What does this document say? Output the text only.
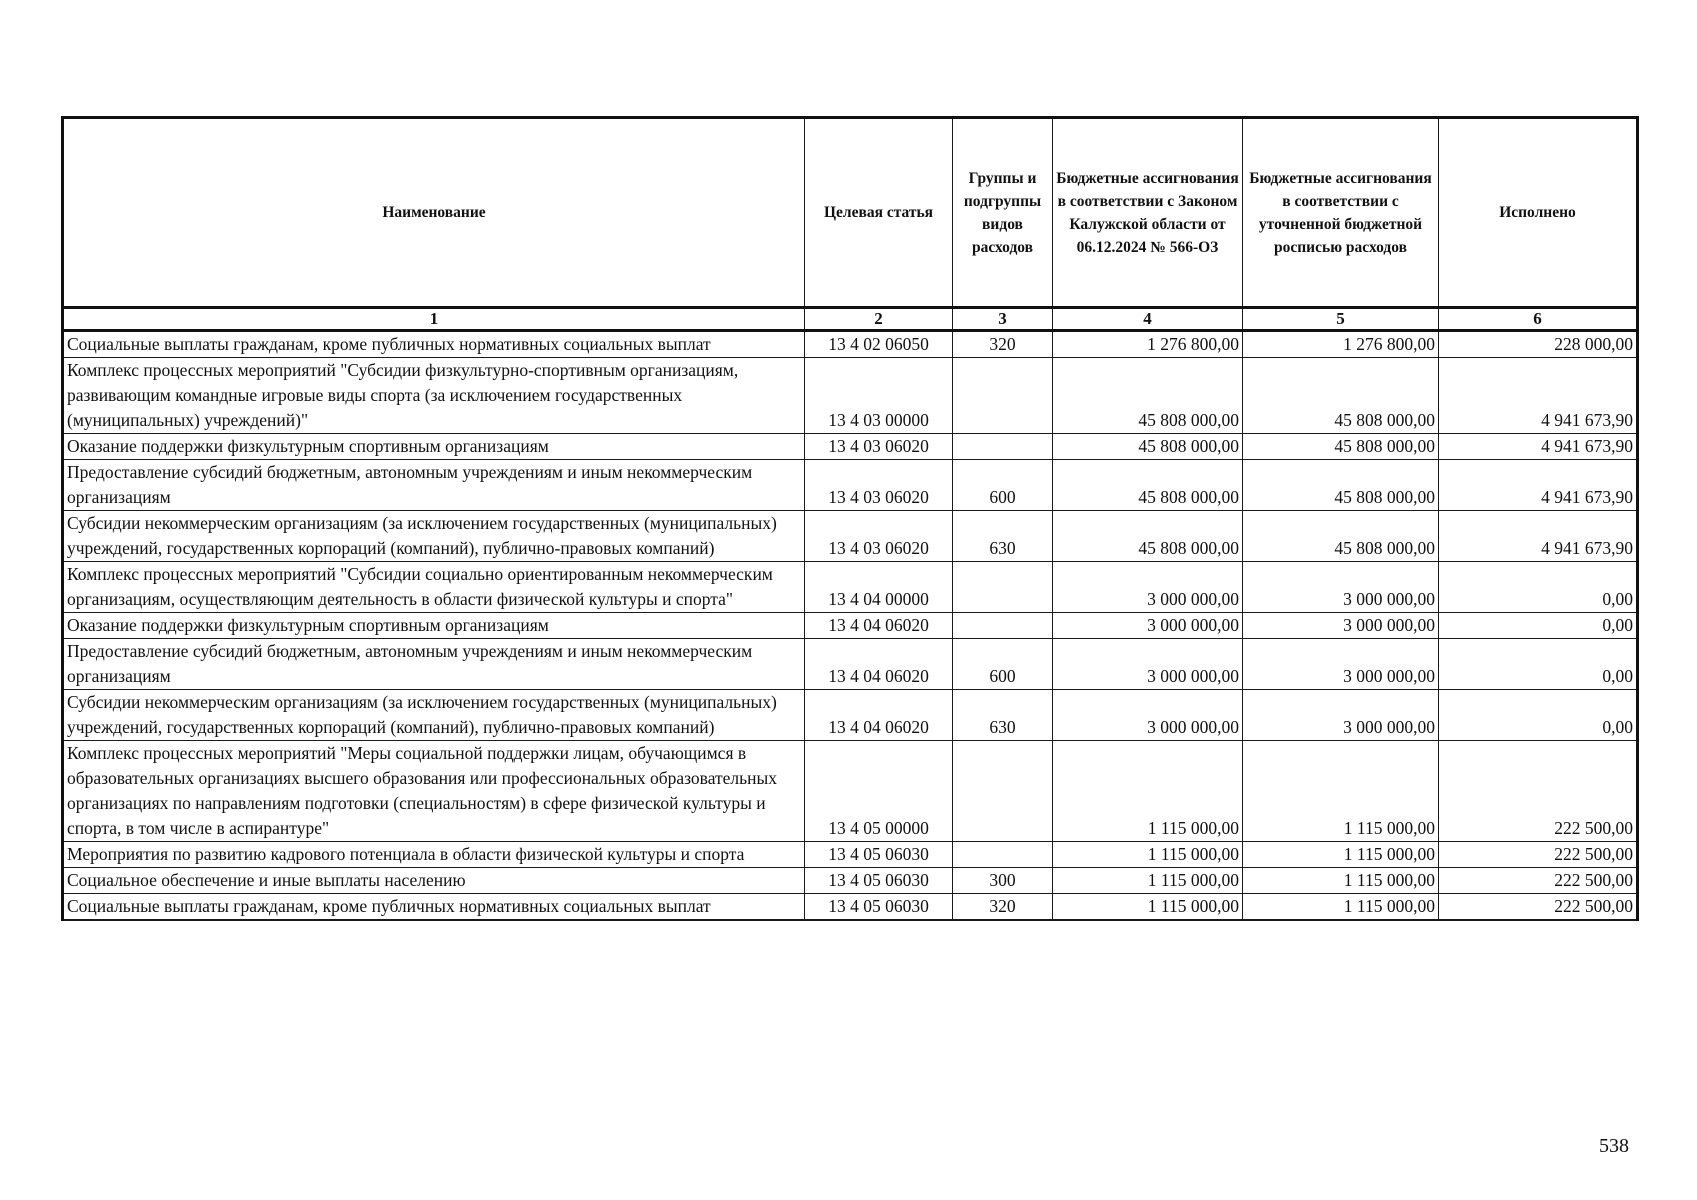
Наименование	Целевая статья	Группы и подгруппы видов расходов	Бюджетные ассигнования в соответствии с Законом Калужской области от 06.12.2024 № 566-ОЗ	Бюджетные ассигнования в соответствии с уточненной бюджетной росписью расходов	Исполнено
1	2	3	4	5	6
Социальные выплаты гражданам, кроме публичных нормативных социальных выплат	13 4 02 06050	320	1 276 800,00	1 276 800,00	228 000,00
Комплекс процессных мероприятий "Субсидии физкультурно-спортивным организациям, развивающим командные игровые виды спорта (за исключением государственных (муниципальных) учреждений)"	13 4 03 00000		45 808 000,00	45 808 000,00	4 941 673,90
Оказание поддержки физкультурным спортивным организациям	13 4 03 06020		45 808 000,00	45 808 000,00	4 941 673,90
Предоставление субсидий бюджетным, автономным учреждениям и иным некоммерческим организациям	13 4 03 06020	600	45 808 000,00	45 808 000,00	4 941 673,90
Субсидии некоммерческим организациям (за исключением государственных (муниципальных) учреждений, государственных корпораций (компаний), публично-правовых компаний)	13 4 03 06020	630	45 808 000,00	45 808 000,00	4 941 673,90
Комплекс процессных мероприятий "Субсидии социально ориентированным некоммерческим организациям, осуществляющим деятельность в области физической культуры и спорта"	13 4 04 00000		3 000 000,00	3 000 000,00	0,00
Оказание поддержки физкультурным спортивным организациям	13 4 04 06020		3 000 000,00	3 000 000,00	0,00
Предоставление субсидий бюджетным, автономным учреждениям и иным некоммерческим организациям	13 4 04 06020	600	3 000 000,00	3 000 000,00	0,00
Субсидии некоммерческим организациям (за исключением государственных (муниципальных) учреждений, государственных корпораций (компаний), публично-правовых компаний)	13 4 04 06020	630	3 000 000,00	3 000 000,00	0,00
Комплекс процессных мероприятий "Меры социальной поддержки лицам, обучающимся в образовательных организациях высшего образования или профессиональных образовательных организациях по направлениям подготовки (специальностям) в сфере физической культуры и спорта, в том числе в аспирантуре"	13 4 05 00000		1 115 000,00	1 115 000,00	222 500,00
Мероприятия по развитию кадрового потенциала в области физической культуры и спорта	13 4 05 06030		1 115 000,00	1 115 000,00	222 500,00
Социальное обеспечение и иные выплаты населению	13 4 05 06030	300	1 115 000,00	1 115 000,00	222 500,00
Социальные выплаты гражданам, кроме публичных нормативных социальных выплат	13 4 05 06030	320	1 115 000,00	1 115 000,00	222 500,00
538
